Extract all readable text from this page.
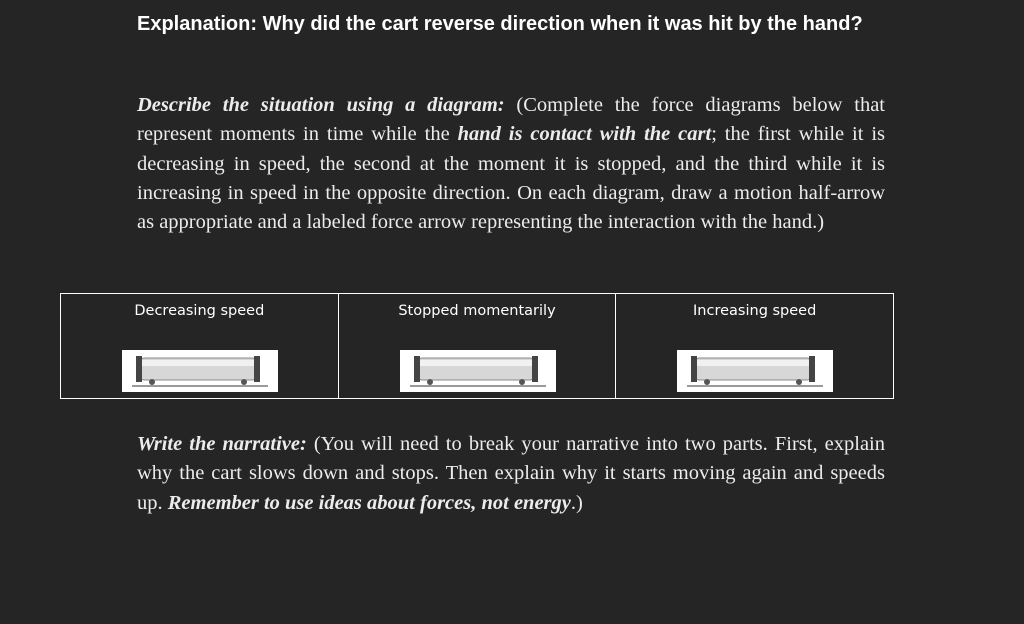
Explanation: Why did the cart reverse direction when it was hit by the hand?

Describe the situation using a diagram: (Complete the force diagrams below that represent moments in time while the hand is contact with the cart; the first while it is decreasing in speed, the second at the moment it is stopped, and the third while it is increasing in speed in the opposite direction. On each diagram, draw a motion half-arrow as appropriate and a labeled force arrow representing the interaction with the hand.)

Decreasing speed	Stopped momentarily	Increasing speed

Write the narrative: (You will need to break your narrative into two parts. First, explain why the cart slows down and stops. Then explain why it starts moving again and speeds up. Remember to use ideas about forces, not energy.)
